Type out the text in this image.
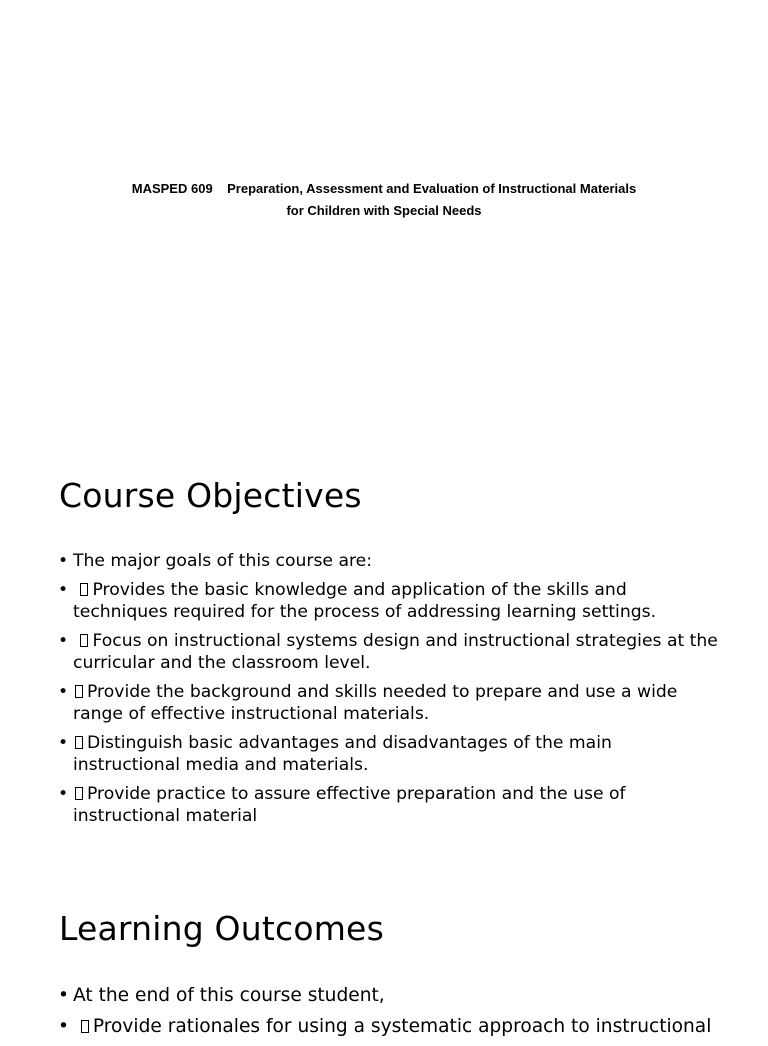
MASPED 609    Preparation, Assessment and Evaluation of Instructional Materials
for Children with Special Needs
Course Objectives
• The major goals of this course are:
• Provides the basic knowledge and application of the skills and techniques required for the process of addressing learning settings.
• Focus on instructional systems design and instructional strategies at the curricular and the classroom level.
• Provide the background and skills needed to prepare and use a wide range of effective instructional materials.
• Distinguish basic advantages and disadvantages of the main instructional media and materials.
• Provide practice to assure effective preparation and the use of instructional material
Learning Outcomes
• At the end of this course student,
• Provide rationales for using a systematic approach to instructional
